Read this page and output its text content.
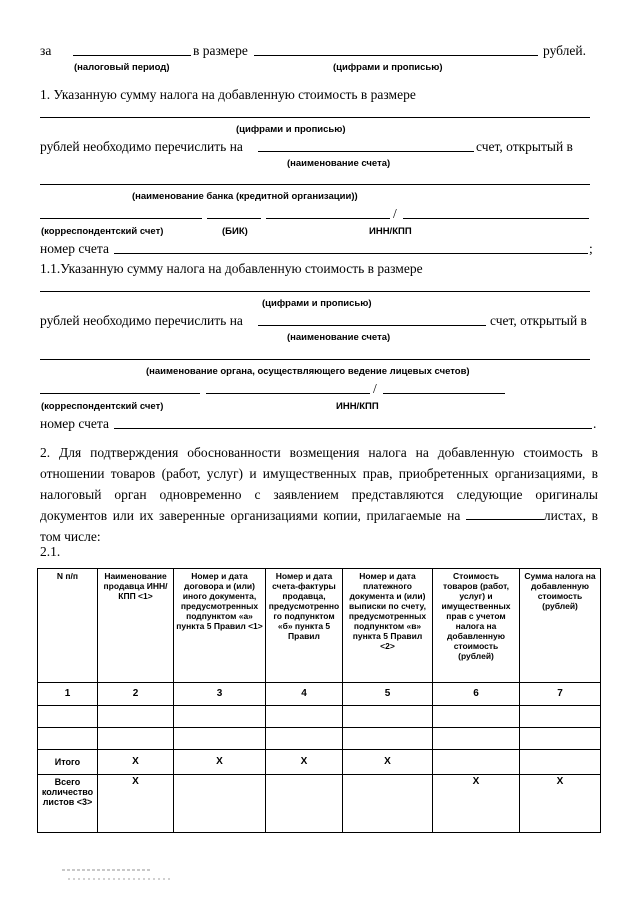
за	в размере	рублей.
(налоговый период)	(цифрами и прописью)
1. Указанную сумму налога на добавленную стоимость в размере
(цифрами и прописью)
рублей необходимо перечислить на	счет, открытый в
(наименование счета)
(наименование банка (кредитной организации))
/
(корреспондентский счет)	(БИК)	ИНН/КПП
номер счета	;
1.1.Указанную сумму налога на добавленную стоимость в размере
(цифрами и прописью)
рублей необходимо перечислить на	счет, открытый в
(наименование счета)
(наименование органа, осуществляющего ведение лицевых счетов)
/
(корреспондентский счет)	ИНН/КПП
номер счета	.
2. Для подтверждения обоснованности возмещения налога на добавленную стоимость в отношении товаров (работ, услуг) и имущественных прав, приобретенных организациями, в налоговый орган одновременно с заявлением представляются следующие оригиналы документов или их заверенные организациями копии, прилагаемые на	листах, в том числе:
2.1.
N п/п	Наименование продавца ИНН/КПП <1>	Номер и дата договора и (или) иного документа, предусмотренных подпунктом «а» пункта 5 Правил <1>	Номер и дата счета-фактуры продавца, предусмотренно го подпунктом «б» пункта 5 Правил	Номер и дата платежного документа и (или) выписки по счету, предусмотренных подпунктом «в» пункта 5 Правил <2>	Стоимость товаров (работ, услуг) и имущественных прав с учетом налога на добавленную стоимость (рублей)	Сумма налога на добавленную стоимость (рублей)
1	2	3	4	5	6	7

Итого	X	X	X	X		
Всего количество листов <3>	X				X	X
